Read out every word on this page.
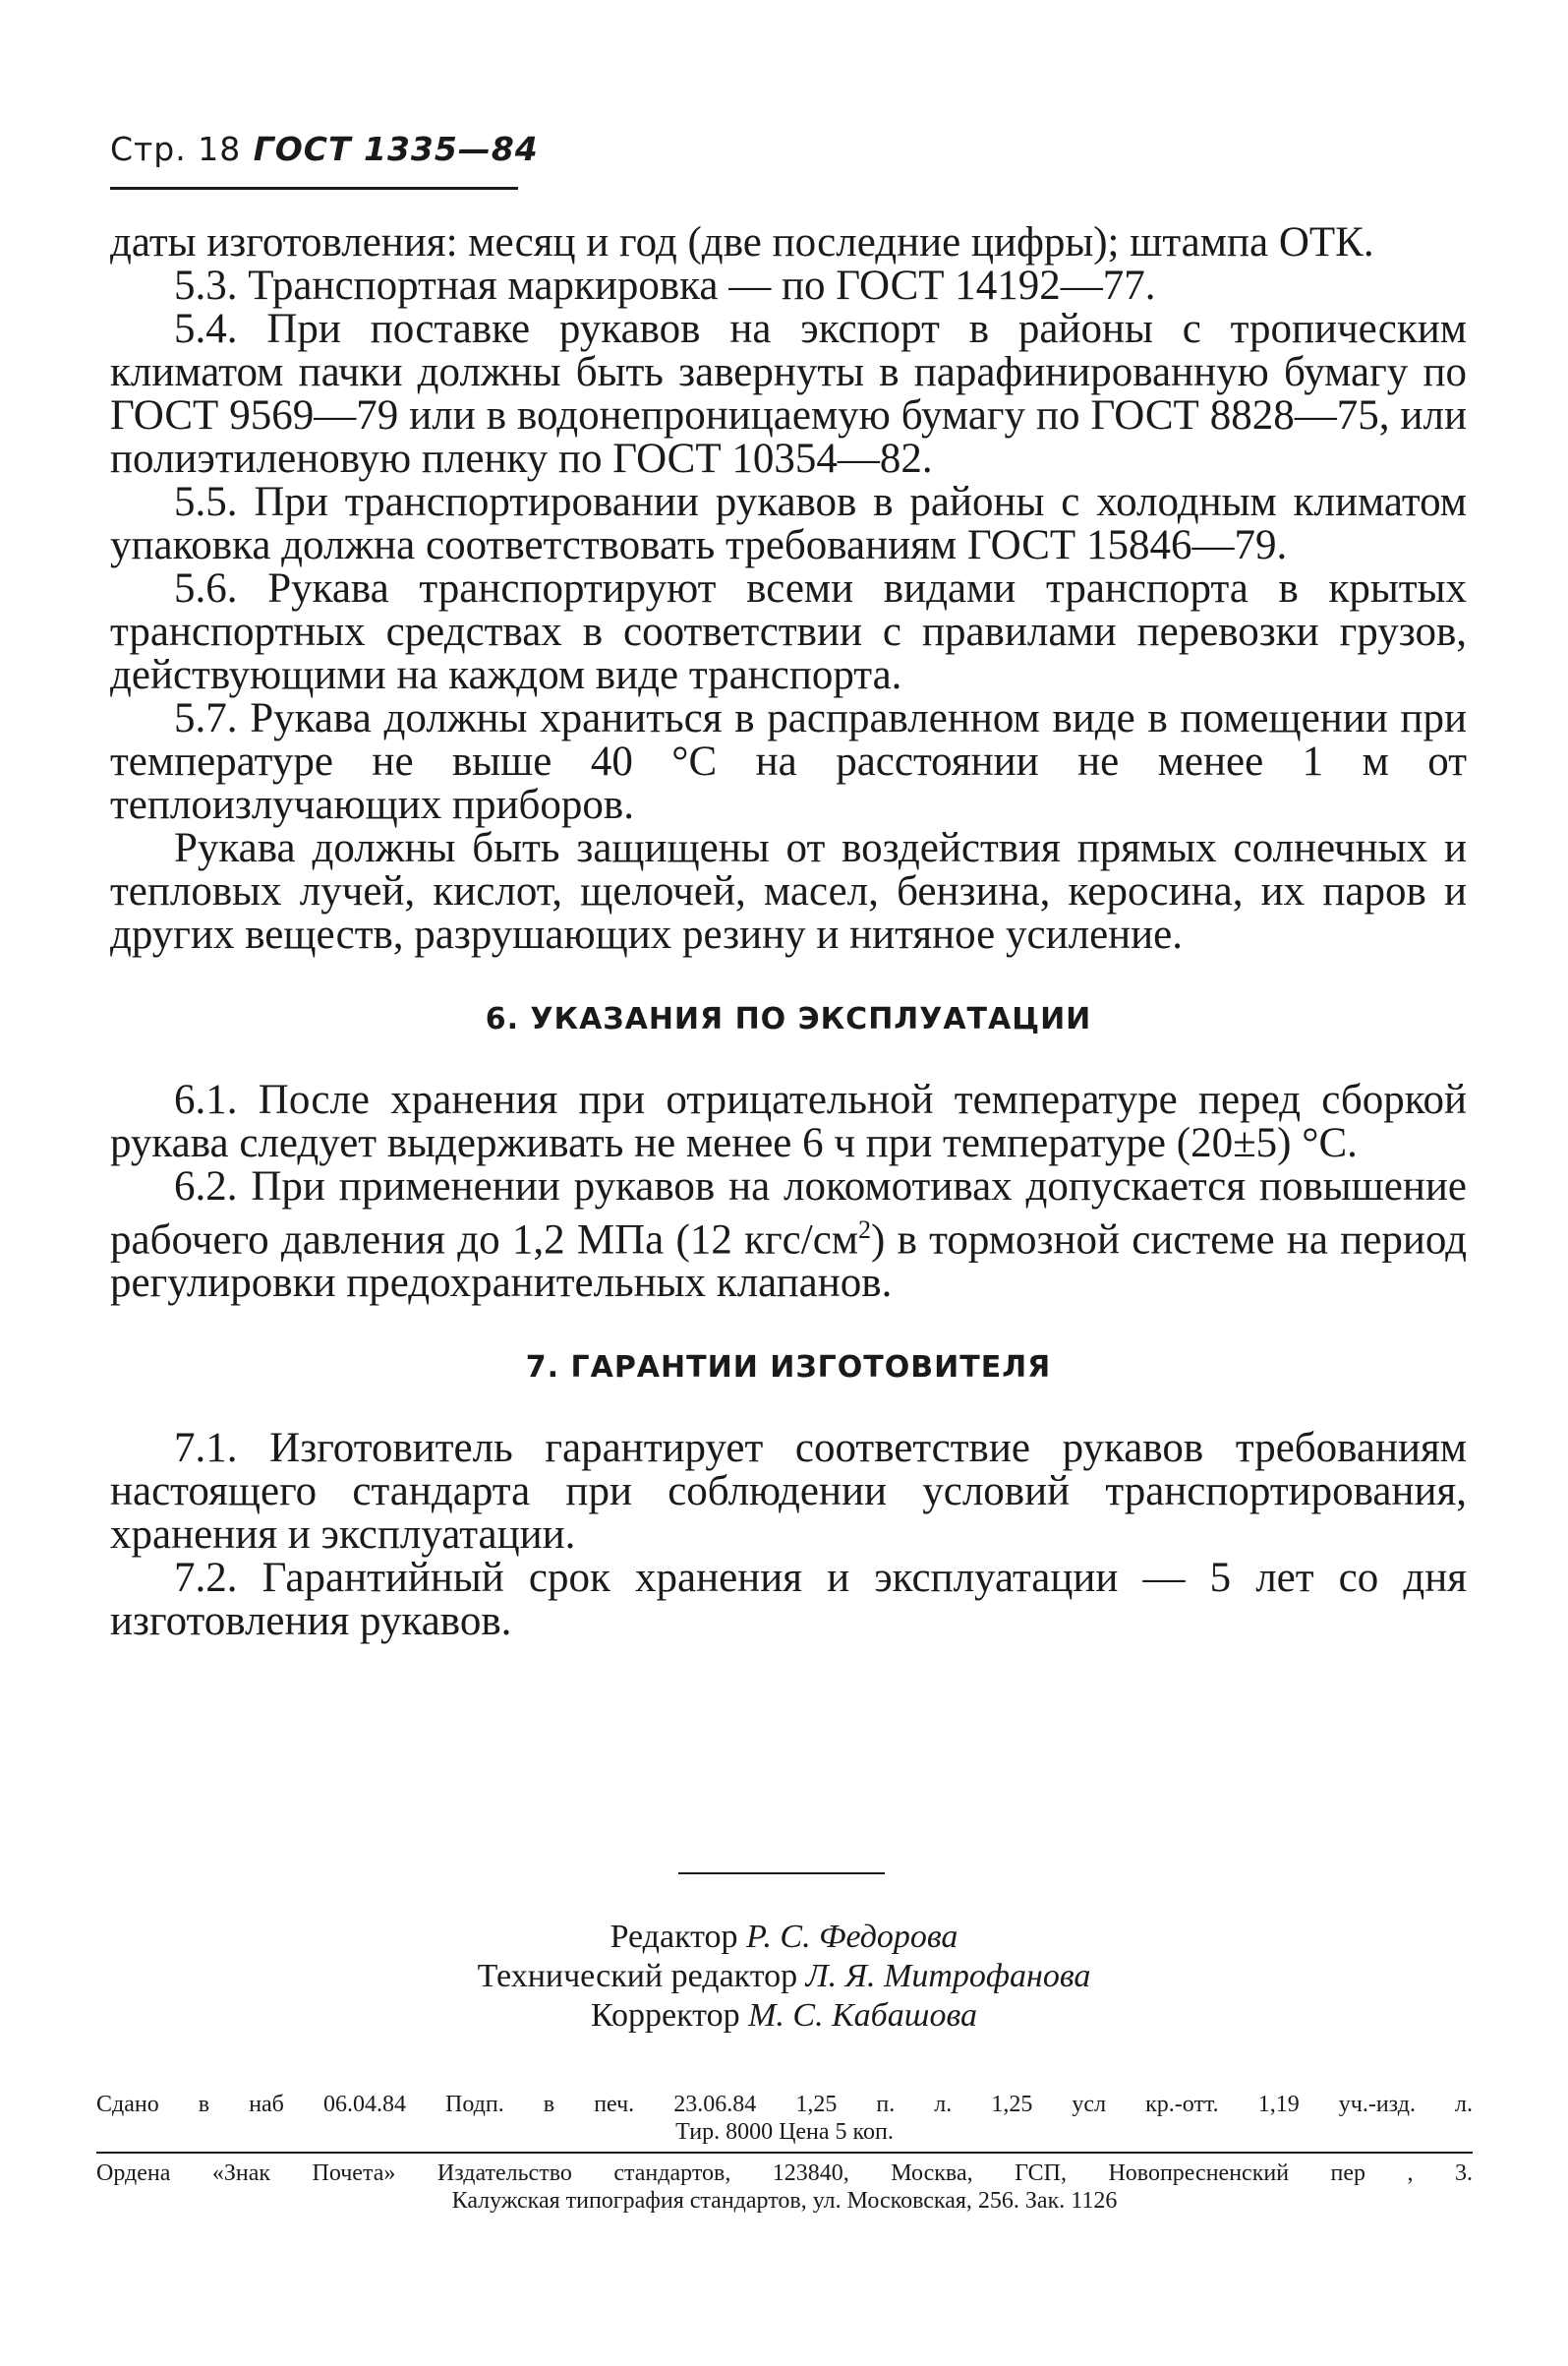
Стр. 18 ГОСТ 1335—84

даты изготовления: месяц и год (две последние цифры); штампа ОТК.

5.3. Транспортная маркировка — по ГОСТ 14192—77.

5.4. При поставке рукавов на экспорт в районы с тропическим климатом пачки должны быть завернуты в парафинированную бумагу по ГОСТ 9569—79 или в водонепроницаемую бумагу по ГОСТ 8828—75, или полиэтиленовую пленку по ГОСТ 10354—82.

5.5. При транспортировании рукавов в районы с холодным климатом упаковка должна соответствовать требованиям ГОСТ 15846—79.

5.6. Рукава транспортируют всеми видами транспорта в крытых транспортных средствах в соответствии с правилами перевозки грузов, действующими на каждом виде транспорта.

5.7. Рукава должны храниться в расправленном виде в помещении при температуре не выше 40 °С на расстоянии не менее 1 м от теплоизлучающих приборов.

Рукава должны быть защищены от воздействия прямых солнечных и тепловых лучей, кислот, щелочей, масел, бензина, керосина, их паров и других веществ, разрушающих резину и нитяное усиление.

6. УКАЗАНИЯ ПО ЭКСПЛУАТАЦИИ

6.1. После хранения при отрицательной температуре перед сборкой рукава следует выдерживать не менее 6 ч при температуре (20±5) °С.

6.2. При применении рукавов на локомотивах допускается повышение рабочего давления до 1,2 МПа (12 кгс/$см^2$) в тормозной системе на период регулировки предохранительных клапанов.

7. ГАРАНТИИ ИЗГОТОВИТЕЛЯ

7.1. Изготовитель гарантирует соответствие рукавов требованиям настоящего стандарта при соблюдении условий транспортирования, хранения и эксплуатации.

7.2. Гарантийный срок хранения и эксплуатации — 5 лет со дня изготовления рукавов.

Редактор Р. С. Федорова
Технический редактор Л. Я. Митрофанова
Корректор М. С. Кабашова
Сдано в наб 06.04.84 Подп. в печ. 23.06.84 1,25 п. л. 1,25 усл кр.-отт. 1,19 уч.-изд. л.
Тир. 8000 Цена 5 коп.
Ордена «Знак Почета» Издательство стандартов, 123840, Москва, ГСП, Новопресненский пер , 3.
Калужская типография стандартов, ул. Московская, 256. Зак. 1126
